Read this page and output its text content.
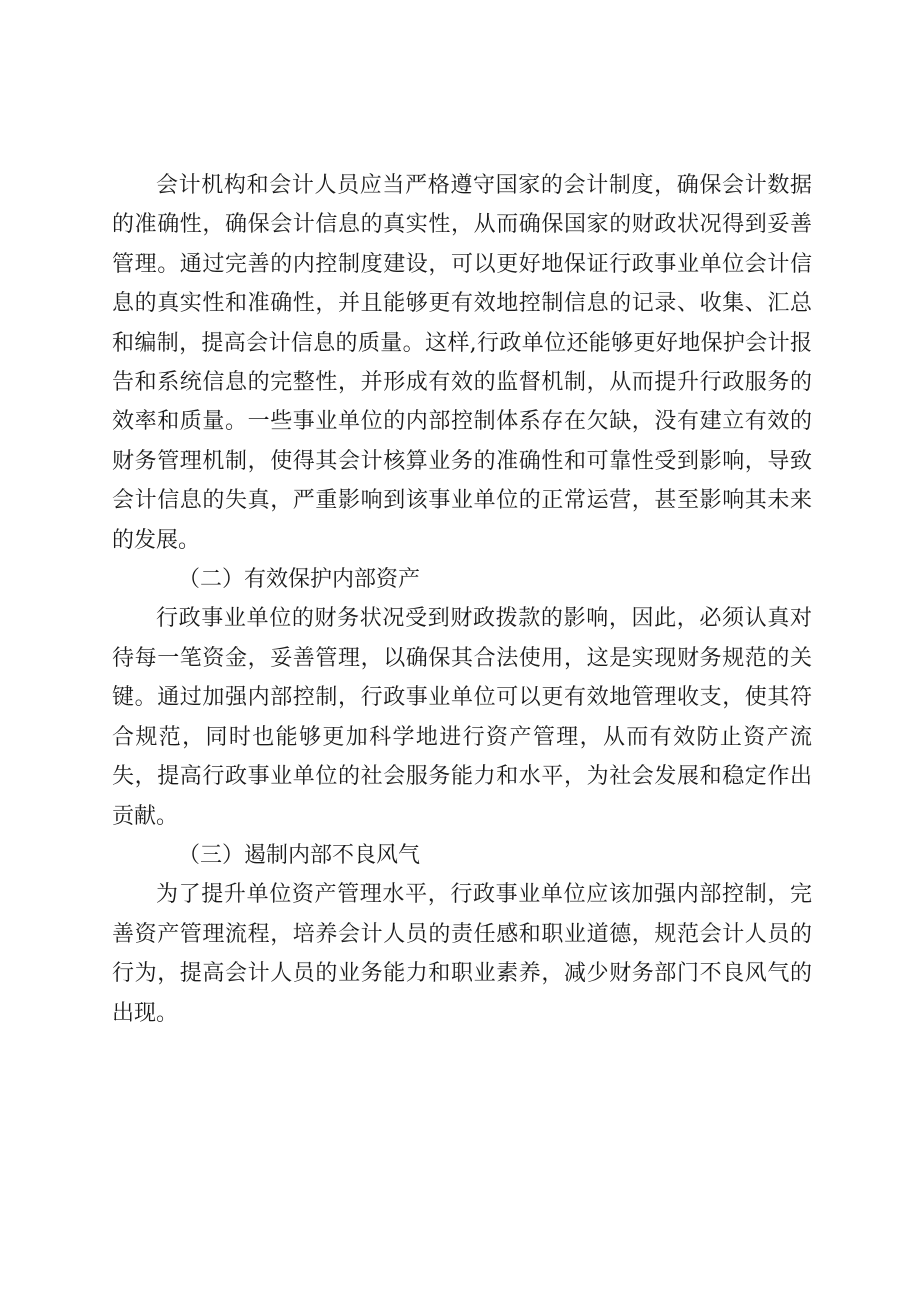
会计机构和会计人员应当严格遵守国家的会计制度，确保会计数据的准确性，确保会计信息的真实性，从而确保国家的财政状况得到妥善管理。通过完善的内控制度建设，可以更好地保证行政事业单位会计信息的真实性和准确性，并且能够更有效地控制信息的记录、收集、汇总和编制，提高会计信息的质量。这样,行政单位还能够更好地保护会计报告和系统信息的完整性，并形成有效的监督机制，从而提升行政服务的效率和质量。一些事业单位的内部控制体系存在欠缺，没有建立有效的财务管理机制，使得其会计核算业务的准确性和可靠性受到影响，导致会计信息的失真，严重影响到该事业单位的正常运营，甚至影响其未来的发展。

（二）有效保护内部资产

行政事业单位的财务状况受到财政拨款的影响，因此，必须认真对待每一笔资金，妥善管理，以确保其合法使用，这是实现财务规范的关键。通过加强内部控制，行政事业单位可以更有效地管理收支，使其符合规范，同时也能够更加科学地进行资产管理，从而有效防止资产流失，提高行政事业单位的社会服务能力和水平，为社会发展和稳定作出贡献。

（三）遏制内部不良风气

为了提升单位资产管理水平，行政事业单位应该加强内部控制，完善资产管理流程，培养会计人员的责任感和职业道德，规范会计人员的行为，提高会计人员的业务能力和职业素养，减少财务部门不良风气的出现。
